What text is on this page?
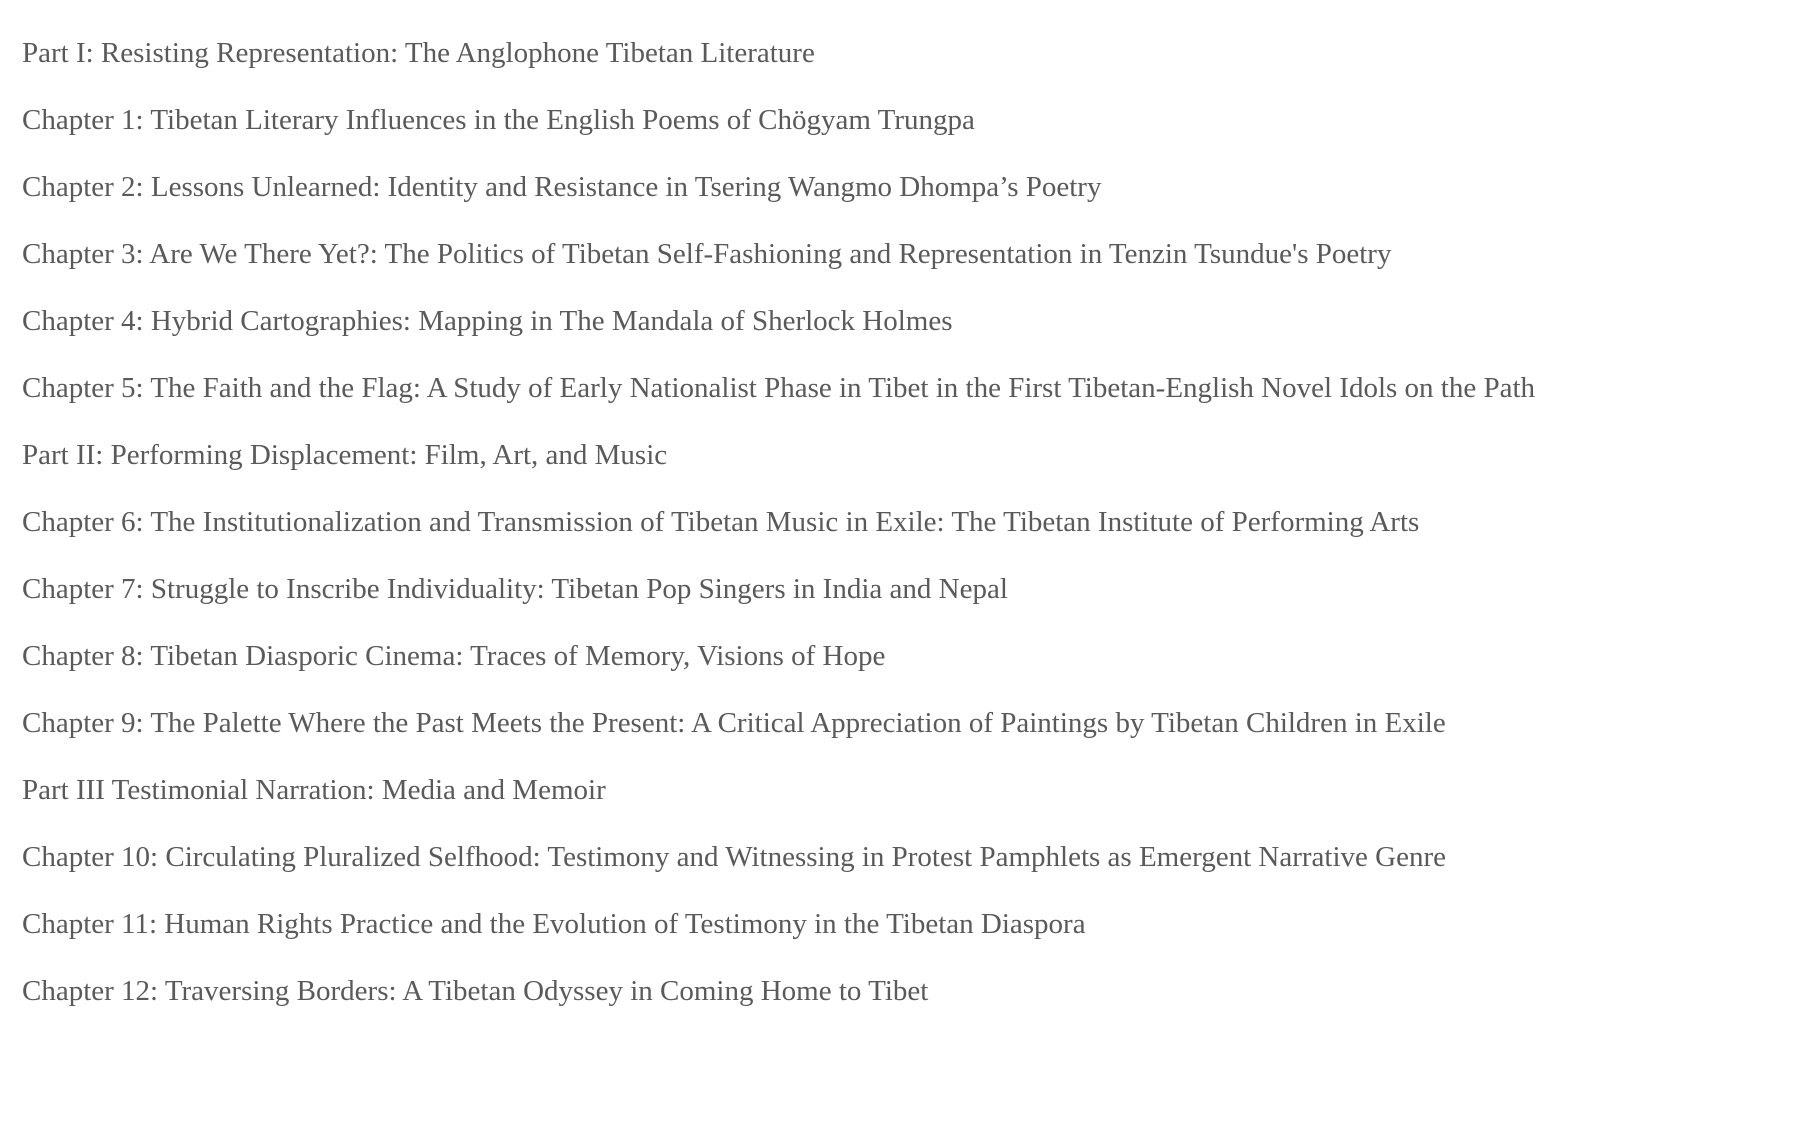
Part I: Resisting Representation: The Anglophone Tibetan Literature
Chapter 1: Tibetan Literary Influences in the English Poems of Chögyam Trungpa
Chapter 2: Lessons Unlearned: Identity and Resistance in Tsering Wangmo Dhompa’s Poetry
Chapter 3: Are We There Yet?: The Politics of Tibetan Self-Fashioning and Representation in Tenzin Tsundue's Poetry
Chapter 4: Hybrid Cartographies: Mapping in The Mandala of Sherlock Holmes
Chapter 5: The Faith and the Flag: A Study of Early Nationalist Phase in Tibet in the First Tibetan-English Novel Idols on the Path
Part II: Performing Displacement: Film, Art, and Music
Chapter 6: The Institutionalization and Transmission of Tibetan Music in Exile: The Tibetan Institute of Performing Arts
Chapter 7: Struggle to Inscribe Individuality: Tibetan Pop Singers in India and Nepal
Chapter 8: Tibetan Diasporic Cinema: Traces of Memory, Visions of Hope
Chapter 9: The Palette Where the Past Meets the Present: A Critical Appreciation of Paintings by Tibetan Children in Exile
Part III Testimonial Narration: Media and Memoir
Chapter 10: Circulating Pluralized Selfhood: Testimony and Witnessing in Protest Pamphlets as Emergent Narrative Genre
Chapter 11: Human Rights Practice and the Evolution of Testimony in the Tibetan Diaspora
Chapter 12: Traversing Borders: A Tibetan Odyssey in Coming Home to Tibet
